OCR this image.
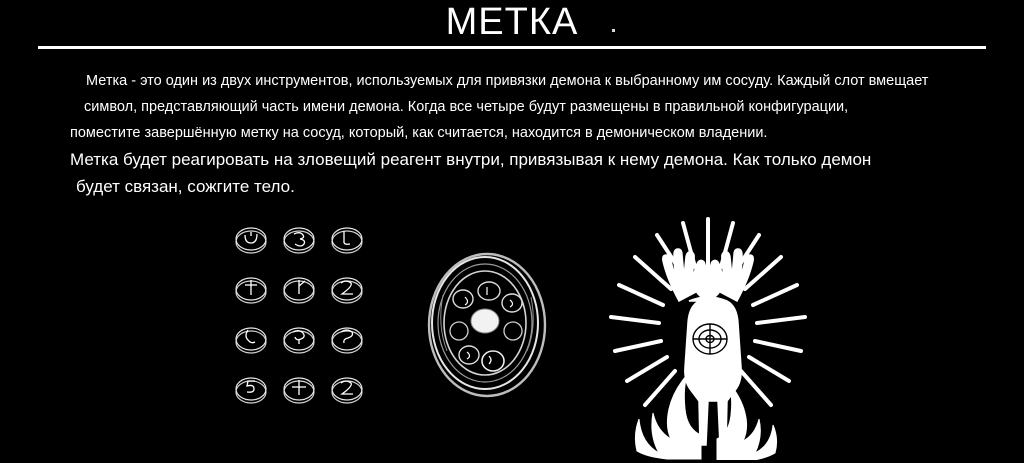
МЕТКА

Метка - это один из двух инструментов, используемых для привязки демона к выбранному им сосуду. Каждый слот вмещает
символ, представляющий часть имени демона. Когда все четыре будут размещены в правильной конфигурации,
поместите завершённую метку на сосуд, который, как считается, находится в демоническом владении.
Метка будет реагировать на зловещий реагент внутри, привязывая к нему демона. Как только демон
будет связан, сожгите тело.
